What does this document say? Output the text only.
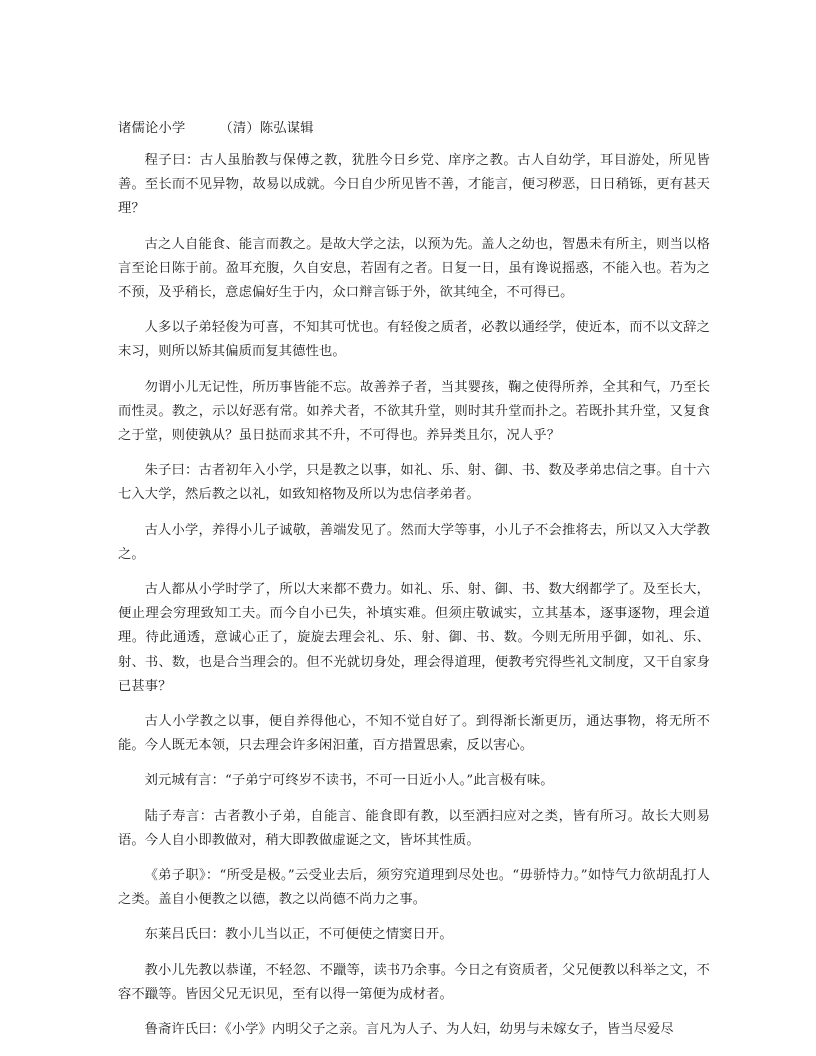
诸儒论小学　　　（清）陈弘谋辑

程子曰：古人虽胎教与保傅之教，犹胜今日乡党、庠序之教。古人自幼学，耳目游处，所见皆善。至长而不见异物，故易以成就。今日自少所见皆不善，才能言，便习秽恶，日日稍铄，更有甚天理？

古之人自能食、能言而教之。是故大学之法，以预为先。盖人之幼也，智愚未有所主，则当以格言至论日陈于前。盈耳充腹，久自安息，若固有之者。日复一日，虽有谗说摇惑，不能入也。若为之不预，及乎稍长，意虑偏好生于内，众口辩言铄于外，欲其纯全，不可得已。

人多以子弟轻俊为可喜，不知其可忧也。有轻俊之质者，必教以通经学，使近本，而不以文辞之末习，则所以矫其偏质而复其德性也。

勿谓小儿无记性，所历事皆能不忘。故善养子者，当其婴孩，鞠之使得所养，全其和气，乃至长而性灵。教之，示以好恶有常。如养犬者，不欲其升堂，则时其升堂而扑之。若既扑其升堂，又复食之于堂，则使孰从？虽日挞而求其不升，不可得也。养异类且尔，况人乎？

朱子曰：古者初年入小学，只是教之以事，如礼、乐、射、御、书、数及孝弟忠信之事。自十六七入大学，然后教之以礼，如致知格物及所以为忠信孝弟者。

古人小学，养得小儿子诚敬，善端发见了。然而大学等事，小儿子不会推将去，所以又入大学教之。

古人都从小学时学了，所以大来都不费力。如礼、乐、射、御、书、数大纲都学了。及至长大，便止理会穷理致知工夫。而今自小已失，补填实难。但须庄敬诚实，立其基本，逐事逐物，理会道理。待此通透，意诚心正了，旋旋去理会礼、乐、射、御、书、数。今则无所用乎御，如礼、乐、射、书、数，也是合当理会的。但不光就切身处，理会得道理，便教考究得些礼文制度，又干自家身已甚事？

古人小学教之以事，便自养得他心，不知不觉自好了。到得渐长渐更历，通达事物，将无所不能。今人既无本领，只去理会许多闲汩董，百方措置思索，反以害心。

刘元城有言：“子弟宁可终岁不读书，不可一日近小人。”此言极有味。

陆子寿言：古者教小子弟，自能言、能食即有教，以至洒扫应对之类，皆有所习。故长大则易语。今人自小即教做对，稍大即教做虚诞之文，皆坏其性质。

《弟子职》：“所受是极。”云受业去后，须穷究道理到尽处也。“毋骄恃力。”如恃气力欲胡乱打人之类。盖自小便教之以德，教之以尚德不尚力之事。

东莱吕氏曰：教小儿当以正，不可便使之情窦日开。

教小儿先教以恭谨，不轻忽、不躐等，读书乃余事。今日之有资质者，父兄便教以科举之文，不容不躐等。皆因父兄无识见，至有以得一第便为成材者。

鲁斋许氏曰：《小学》内明父子之亲。言凡为人子、为人妇，幼男与未嫁女子，皆当尽爱尽
